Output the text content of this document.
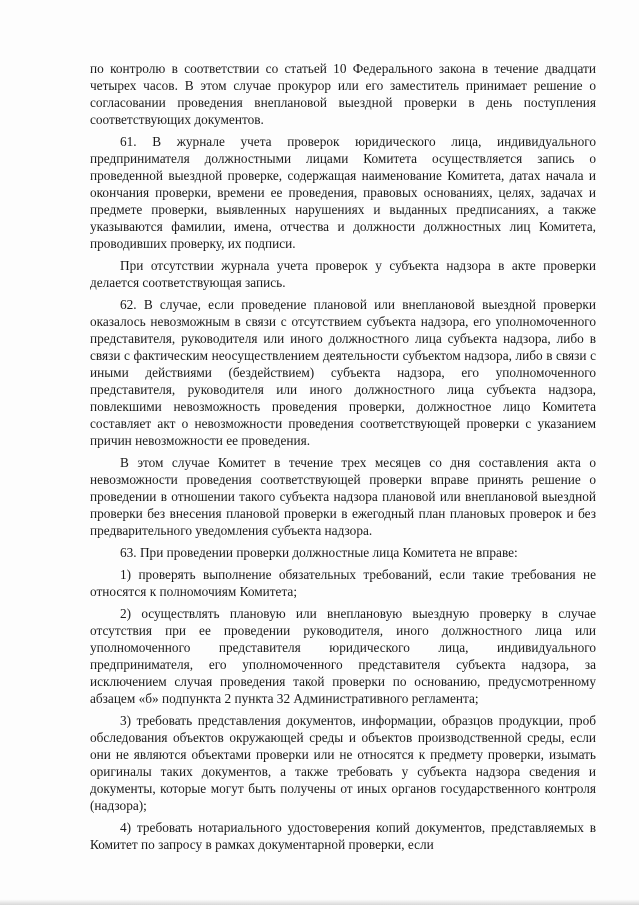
по контролю в соответствии со статьей 10 Федерального закона в течение двадцати четырех часов. В этом случае прокурор или его заместитель принимает решение о согласовании проведения внеплановой выездной проверки в день поступления соответствующих документов.

61. В журнале учета проверок юридического лица, индивидуального предпринимателя должностными лицами Комитета осуществляется запись о проведенной выездной проверке, содержащая наименование Комитета, датах начала и окончания проверки, времени ее проведения, правовых основаниях, целях, задачах и предмете проверки, выявленных нарушениях и выданных предписаниях, а также указываются фамилии, имена, отчества и должности должностных лиц Комитета, проводивших проверку, их подписи.

При отсутствии журнала учета проверок у субъекта надзора в акте проверки делается соответствующая запись.

62. В случае, если проведение плановой или внеплановой выездной проверки оказалось невозможным в связи с отсутствием субъекта надзора, его уполномоченного представителя, руководителя или иного должностного лица субъекта надзора, либо в связи с фактическим неосуществлением деятельности субъектом надзора, либо в связи с иными действиями (бездействием) субъекта надзора, его уполномоченного представителя, руководителя или иного должностного лица субъекта надзора, повлекшими невозможность проведения проверки, должностное лицо Комитета составляет акт о невозможности проведения соответствующей проверки с указанием причин невозможности ее проведения.

В этом случае Комитет в течение трех месяцев со дня составления акта о невозможности проведения соответствующей проверки вправе принять решение о проведении в отношении такого субъекта надзора плановой или внеплановой выездной проверки без внесения плановой проверки в ежегодный план плановых проверок и без предварительного уведомления субъекта надзора.

63. При проведении проверки должностные лица Комитета не вправе:

1) проверять выполнение обязательных требований, если такие требования не относятся к полномочиям Комитета;

2) осуществлять плановую или внеплановую выездную проверку в случае отсутствия при ее проведении руководителя, иного должностного лица или уполномоченного представителя юридического лица, индивидуального предпринимателя, его уполномоченного представителя субъекта надзора, за исключением случая проведения такой проверки по основанию, предусмотренному абзацем «б» подпункта 2 пункта 32 Административного регламента;

3) требовать представления документов, информации, образцов продукции, проб обследования объектов окружающей среды и объектов производственной среды, если они не являются объектами проверки или не относятся к предмету проверки, изымать оригиналы таких документов, а также требовать у субъекта надзора сведения и документы, которые могут быть получены от иных органов государственного контроля (надзора);

4) требовать нотариального удостоверения копий документов, представляемых в Комитет по запросу в рамках документарной проверки, если
